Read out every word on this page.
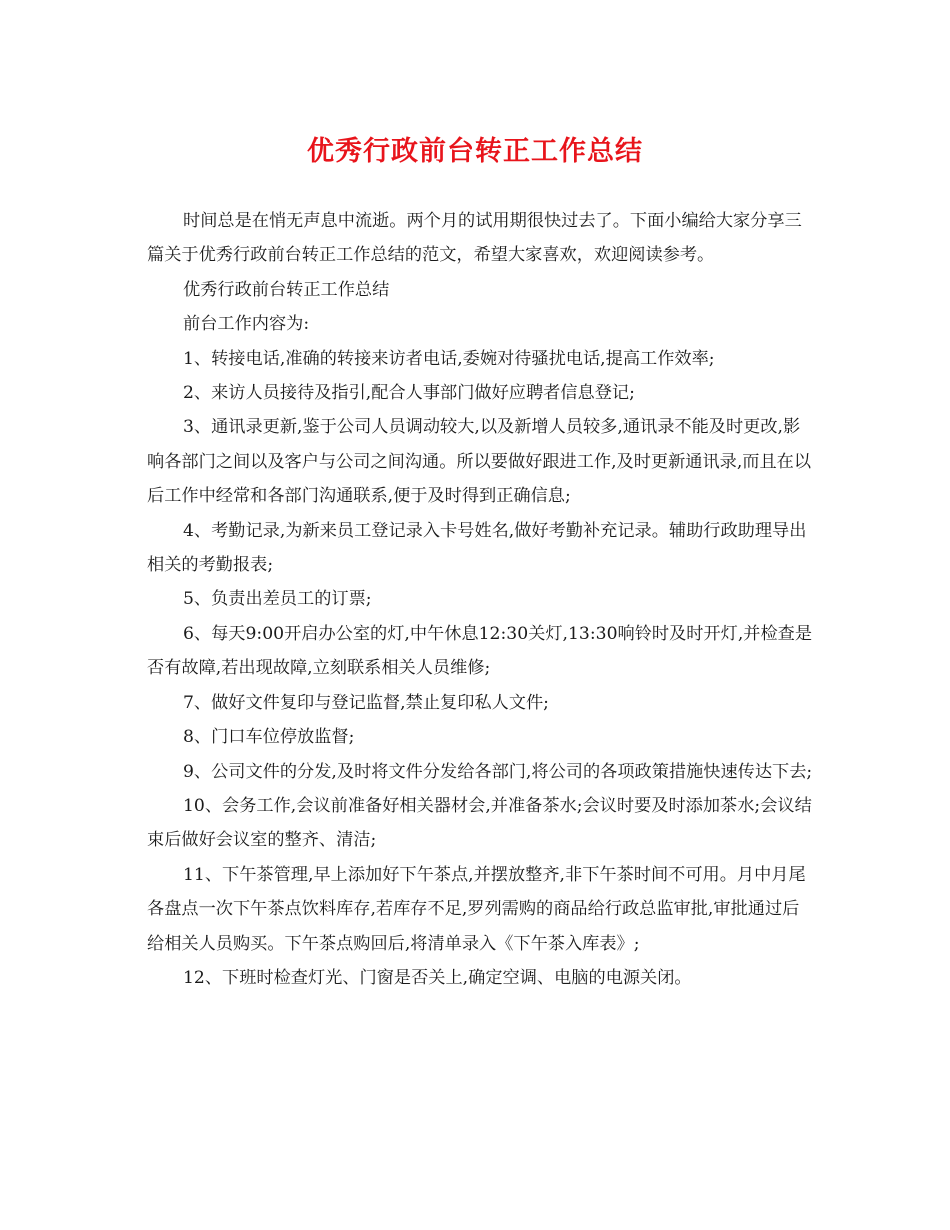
优秀行政前台转正工作总结

时间总是在悄无声息中流逝。两个月的试用期很快过去了。下面小编给大家分享三篇关于优秀行政前台转正工作总结的范文，希望大家喜欢，欢迎阅读参考。

优秀行政前台转正工作总结

前台工作内容为:

1、转接电话,准确的转接来访者电话,委婉对待骚扰电话,提高工作效率;

2、来访人员接待及指引,配合人事部门做好应聘者信息登记;

3、通讯录更新,鉴于公司人员调动较大,以及新增人员较多,通讯录不能及时更改,影响各部门之间以及客户与公司之间沟通。所以要做好跟进工作,及时更新通讯录,而且在以后工作中经常和各部门沟通联系,便于及时得到正确信息;

4、考勤记录,为新来员工登记录入卡号姓名,做好考勤补充记录。辅助行政助理导出相关的考勤报表;

5、负责出差员工的订票;

6、每天9:00开启办公室的灯,中午休息12:30关灯,13:30响铃时及时开灯,并检查是否有故障,若出现故障,立刻联系相关人员维修;

7、做好文件复印与登记监督,禁止复印私人文件;

8、门口车位停放监督;

9、公司文件的分发,及时将文件分发给各部门,将公司的各项政策措施快速传达下去;

10、会务工作,会议前准备好相关器材会,并准备茶水;会议时要及时添加茶水;会议结束后做好会议室的整齐、清洁;

11、下午茶管理,早上添加好下午茶点,并摆放整齐,非下午茶时间不可用。月中月尾各盘点一次下午茶点饮料库存,若库存不足,罗列需购的商品给行政总监审批,审批通过后给相关人员购买。下午茶点购回后,将清单录入《下午茶入库表》;

12、下班时检查灯光、门窗是否关上,确定空调、电脑的电源关闭。
